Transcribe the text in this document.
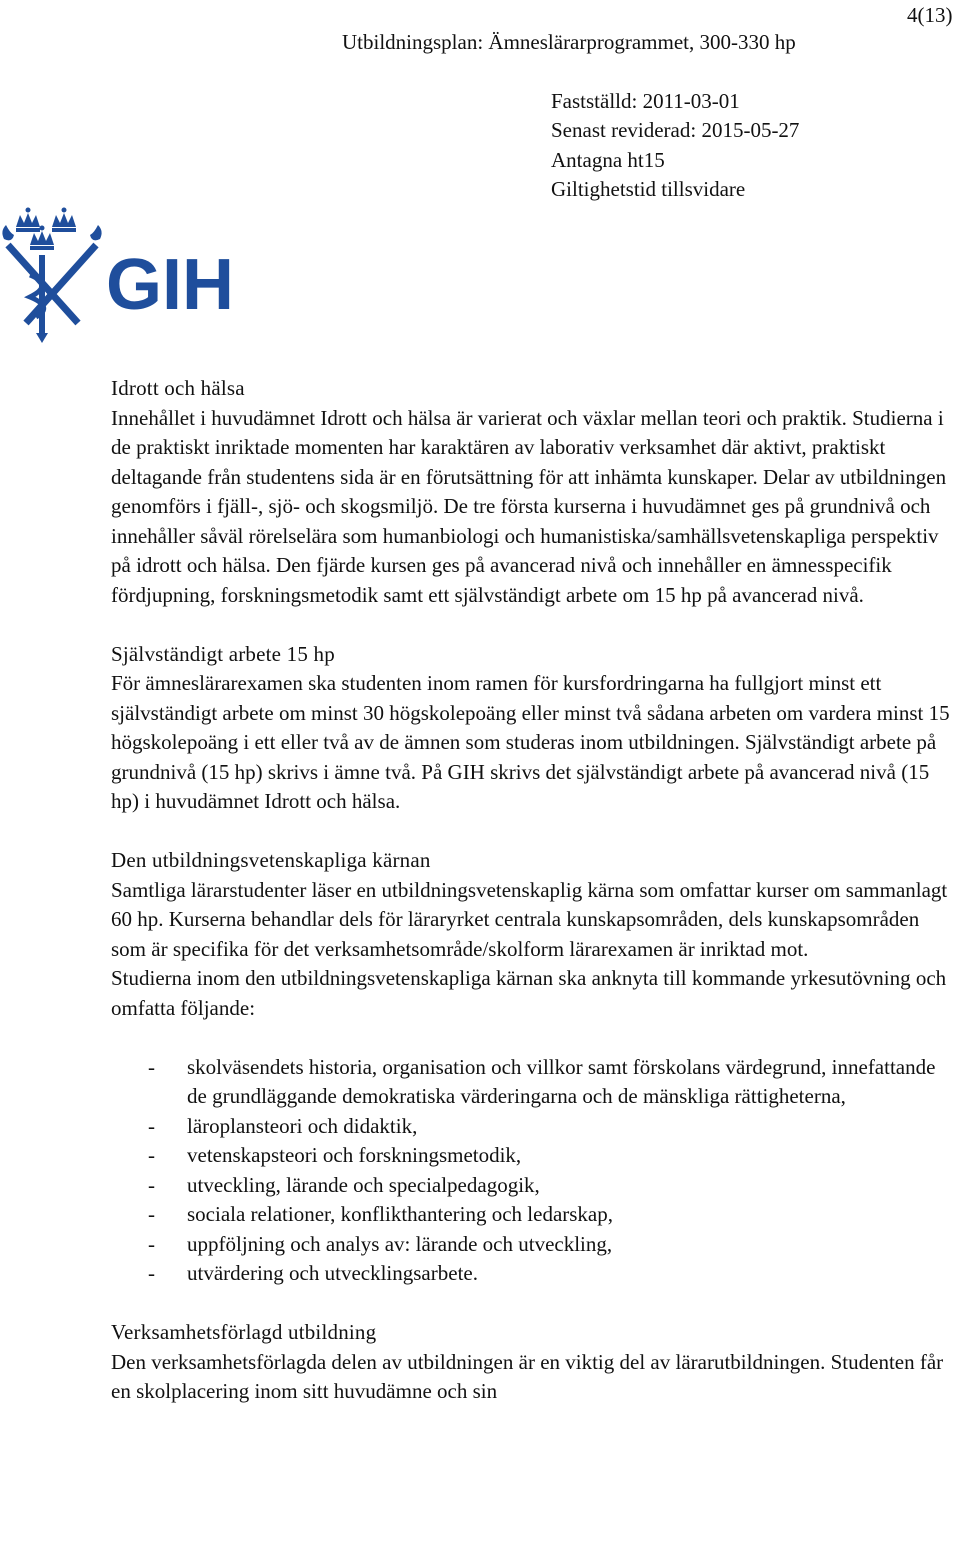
Utbildningsplan: Ämneslärarprogrammet, 300-330 hp
4(13)
Fastställd: 2011-03-01
Senast reviderad: 2015-05-27
Antagna ht15
Giltighetstid tillsvidare
GIH

Idrott och hälsa

Innehållet i huvudämnet Idrott och hälsa är varierat och växlar mellan teori och praktik. Studierna i de praktiskt inriktade momenten har karaktären av laborativ verksamhet där aktivt, praktiskt deltagande från studentens sida är en förutsättning för att inhämta kunskaper. Delar av utbildningen genomförs i fjäll-, sjö- och skogsmiljö. De tre första kurserna i huvudämnet ges på grundnivå och innehåller såväl rörelselära som humanbiologi och humanistiska/samhällsvetenskapliga perspektiv på idrott och hälsa. Den fjärde kursen ges på avancerad nivå och innehåller en ämnesspecifik fördjupning, forskningsmetodik samt ett självständigt arbete om 15 hp på avancerad nivå.

Självständigt arbete 15 hp

För ämneslärarexamen ska studenten inom ramen för kursfordringarna ha fullgjort minst ett självständigt arbete om minst 30 högskolepoäng eller minst två sådana arbeten om vardera minst 15 högskolepoäng i ett eller två av de ämnen som studeras inom utbildningen. Självständigt arbete på grundnivå (15 hp) skrivs i ämne två. På GIH skrivs det självständigt arbete på avancerad nivå (15 hp) i huvudämnet Idrott och hälsa.

Den utbildningsvetenskapliga kärnan

Samtliga lärarstudenter läser en utbildningsvetenskaplig kärna som omfattar kurser om sammanlagt 60 hp. Kurserna behandlar dels för läraryrket centrala kunskapsområden, dels kunskapsområden som är specifika för det verksamhetsområde/skolform lärarexamen är inriktad mot.

Studierna inom den utbildningsvetenskapliga kärnan ska anknyta till kommande yrkesutövning och omfatta följande:

- skolväsendets historia, organisation och villkor samt förskolans värdegrund, innefattande de grundläggande demokratiska värderingarna och de mänskliga rättigheterna,
- läroplansteori och didaktik,
- vetenskapsteori och forskningsmetodik,
- utveckling, lärande och specialpedagogik,
- sociala relationer, konflikthantering och ledarskap,
- uppföljning och analys av: lärande och utveckling,
- utvärdering och utvecklingsarbete.

Verksamhetsförlagd utbildning

Den verksamhetsförlagda delen av utbildningen är en viktig del av lärarutbildningen. Studenten får en skolplacering inom sitt huvudämne och sin
